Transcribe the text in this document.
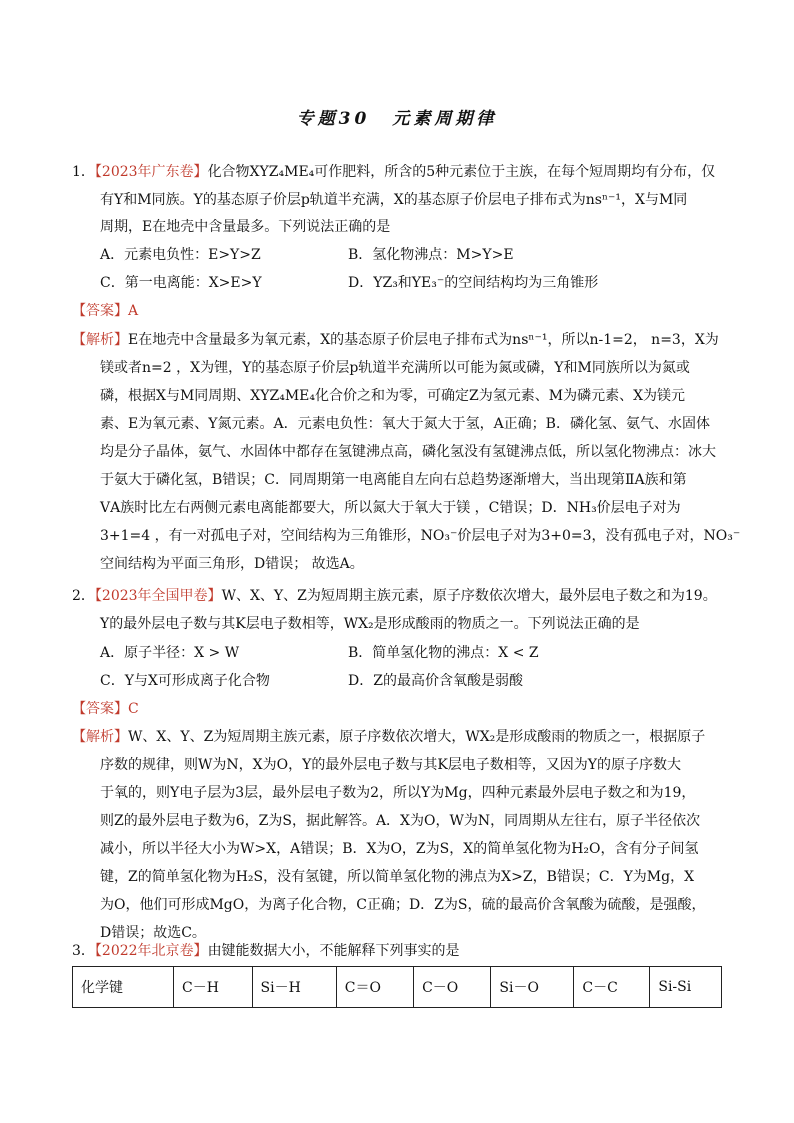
专题30 元素周期律
1．【2023年广东卷】化合物XYZ₄ME₄可作肥料，所含的5种元素位于主族，在每个短周期均有分布，仅
有Y和M同族。Y的基态原子价层p轨道半充满，X的基态原子价层电子排布式为nsⁿ⁻¹，X与M同
周期，E在地壳中含量最多。下列说法正确的是
A．元素电负性：E>Y>Z	B．氢化物沸点：M>Y>E
C．第一电离能：X>E>Y	D．YZ₃和YE₃⁻的空间结构均为三角锥形
【答案】A
【解析】E在地壳中含量最多为氧元素，X的基态原子价层电子排布式为nsⁿ⁻¹，所以n-1=2， n=3，X为
镁或者n=2 ，X为锂，Y的基态原子价层p轨道半充满所以可能为氮或磷，Y和M同族所以为氮或
磷，根据X与M同周期、XYZ₄ME₄化合价之和为零，可确定Z为氢元素、M为磷元素、X为镁元
素、E为氧元素、Y氮元素。A．元素电负性：氧大于氮大于氢，A正确；B．磷化氢、氨气、水固体
均是分子晶体，氨气、水固体中都存在氢键沸点高，磷化氢没有氢键沸点低，所以氢化物沸点：冰大
于氨大于磷化氢，B错误；C．同周期第一电离能自左向右总趋势逐渐增大，当出现第ⅡA族和第
ⅤA族时比左右两侧元素电离能都要大，所以氮大于氧大于镁 ，C错误；D．NH₃价层电子对为
3+1=4 ，有一对孤电子对，空间结构为三角锥形，NO₃⁻价层电子对为3+0=3，没有孤电子对，NO₃⁻
空间结构为平面三角形，D错误； 故选A。
2．【2023年全国甲卷】W、X、Y、Z为短周期主族元素，原子序数依次增大，最外层电子数之和为19。
Y的最外层电子数与其K层电子数相等，WX₂是形成酸雨的物质之一。下列说法正确的是
A．原子半径：X > W	B．简单氢化物的沸点：X < Z
C．Y与X可形成离子化合物	D．Z的最高价含氧酸是弱酸
【答案】C
【解析】W、X、Y、Z为短周期主族元素，原子序数依次增大，WX₂是形成酸雨的物质之一，根据原子
序数的规律，则W为N，X为O，Y的最外层电子数与其K层电子数相等，又因为Y的原子序数大
于氧的，则Y电子层为3层，最外层电子数为2，所以Y为Mg，四种元素最外层电子数之和为19，
则Z的最外层电子数为6，Z为S，据此解答。A．X为O，W为N，同周期从左往右，原子半径依次
减小，所以半径大小为W>X，A错误；B．X为O，Z为S，X的简单氢化物为H₂O，含有分子间氢
键，Z的简单氢化物为H₂S，没有氢键，所以简单氢化物的沸点为X>Z，B错误；C．Y为Mg，X
为O，他们可形成MgO，为离子化合物，C正确；D．Z为S，硫的最高价含氧酸为硫酸，是强酸，
D错误；故选C。
3．【2022年北京卷】由键能数据大小，不能解释下列事实的是
化学键	C－H	Si－H	C＝O	C－O	Si－O	C－C	Si-Si
